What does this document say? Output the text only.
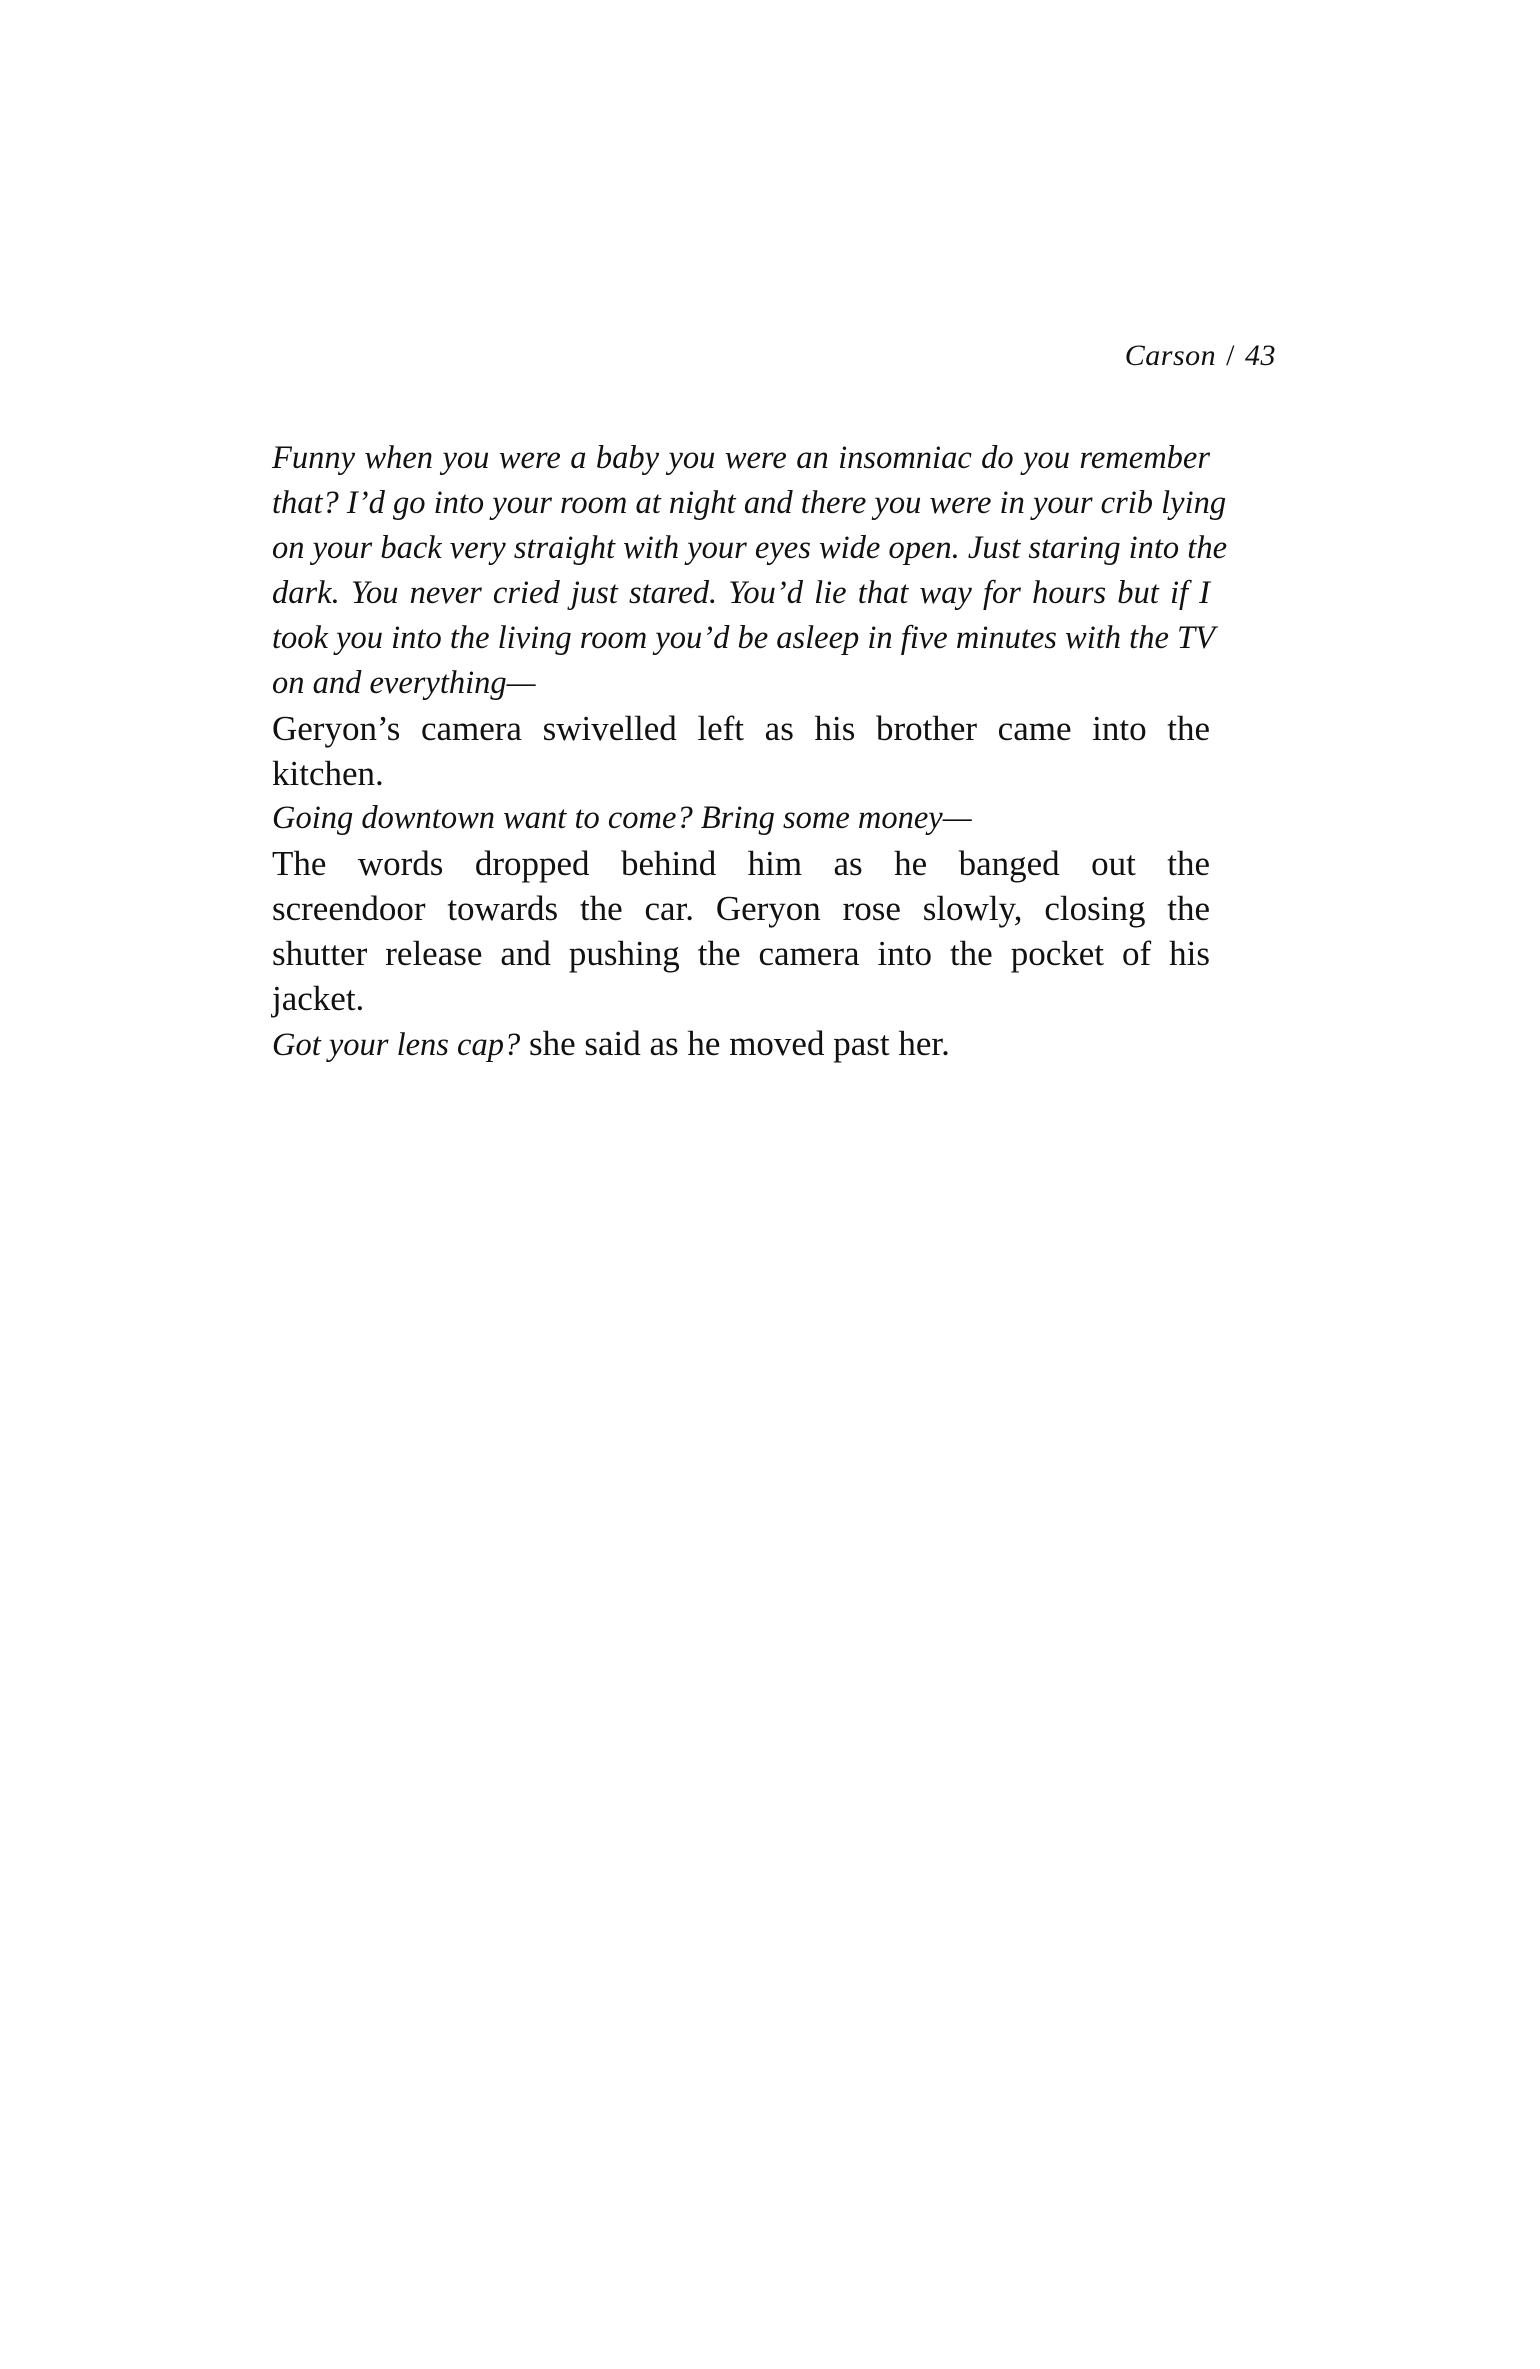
Carson / 43
Funny when you were a baby you were an insomniac do you remember
that? I’d go into your room at night and there you were in your crib lying
on your back very straight with your eyes wide open. Just staring into the
dark. You never cried just stared. You’d lie that way for hours but if I
took you into the living room you’d be asleep in five minutes with the TV
on and everything—
Geryon’s camera swivelled left as his brother came into the
kitchen.
Going downtown want to come? Bring some money—
The words dropped behind him as he banged out the
screendoor towards the car. Geryon rose slowly, closing the
shutter release and pushing the camera into the pocket of his
jacket.
Got your lens cap? she said as he moved past her.
